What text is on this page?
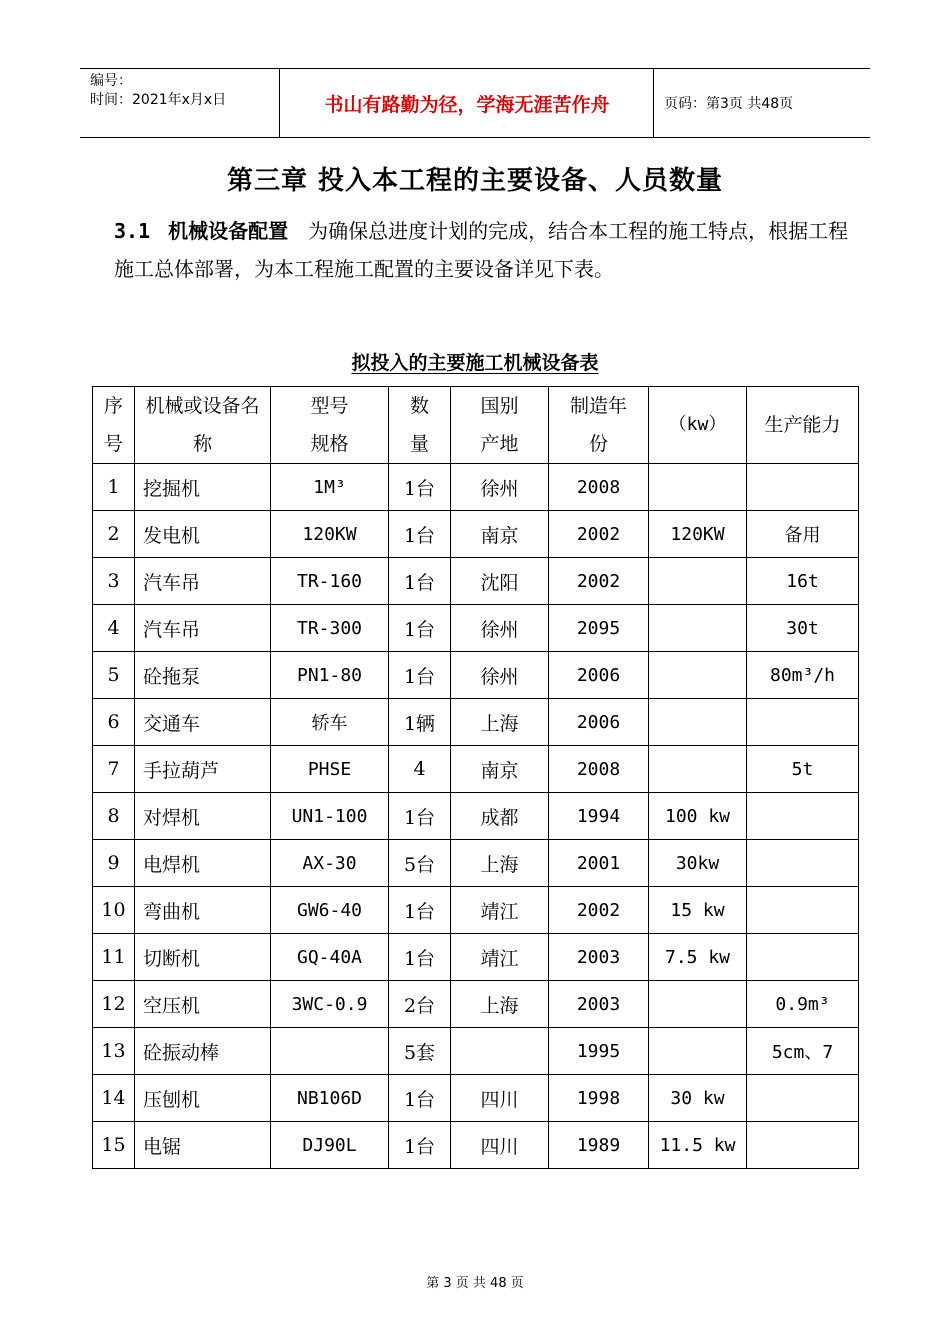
编号：
时间：2021年x月x日	书山有路勤为径，学海无涯苦作舟	页码：第3页 共48页
第三章 投入本工程的主要设备、人员数量
3.1 机械设备配置 为确保总进度计划的完成，结合本工程的施工特点，根据工程施工总体部署，为本工程施工配置的主要设备详见下表。
拟投入的主要施工机械设备表
序号	机械或设备名称	型号规格	数量	国别产地	制造年份	（kw）	生产能力

1	挖掘机	1M³	1台	徐州	2008		
2	发电机	120KW	1台	南京	2002	120KW	备用
3	汽车吊	TR-160	1台	沈阳	2002		16t
4	汽车吊	TR-300	1台	徐州	2095		30t
5	砼拖泵	PN1-80	1台	徐州	2006		80m³/h
6	交通车	轿车	1辆	上海	2006		
7	手拉葫芦	PHSE	4	南京	2008		5t
8	对焊机	UN1-100	1台	成都	1994	100 kw	
9	电焊机	AX-30	5台	上海	2001	30kw	
10	弯曲机	GW6-40	1台	靖江	2002	15 kw	
11	切断机	GQ-40A	1台	靖江	2003	7.5 kw	
12	空压机	3WC-0.9	2台	上海	2003		0.9m³
13	砼振动棒		5套		1995		5cm、7
14	压刨机	NB106D	1台	四川	1998	30 kw	
15	电锯	DJ90L	1台	四川	1989	11.5 kw	
第 3 页 共 48 页
